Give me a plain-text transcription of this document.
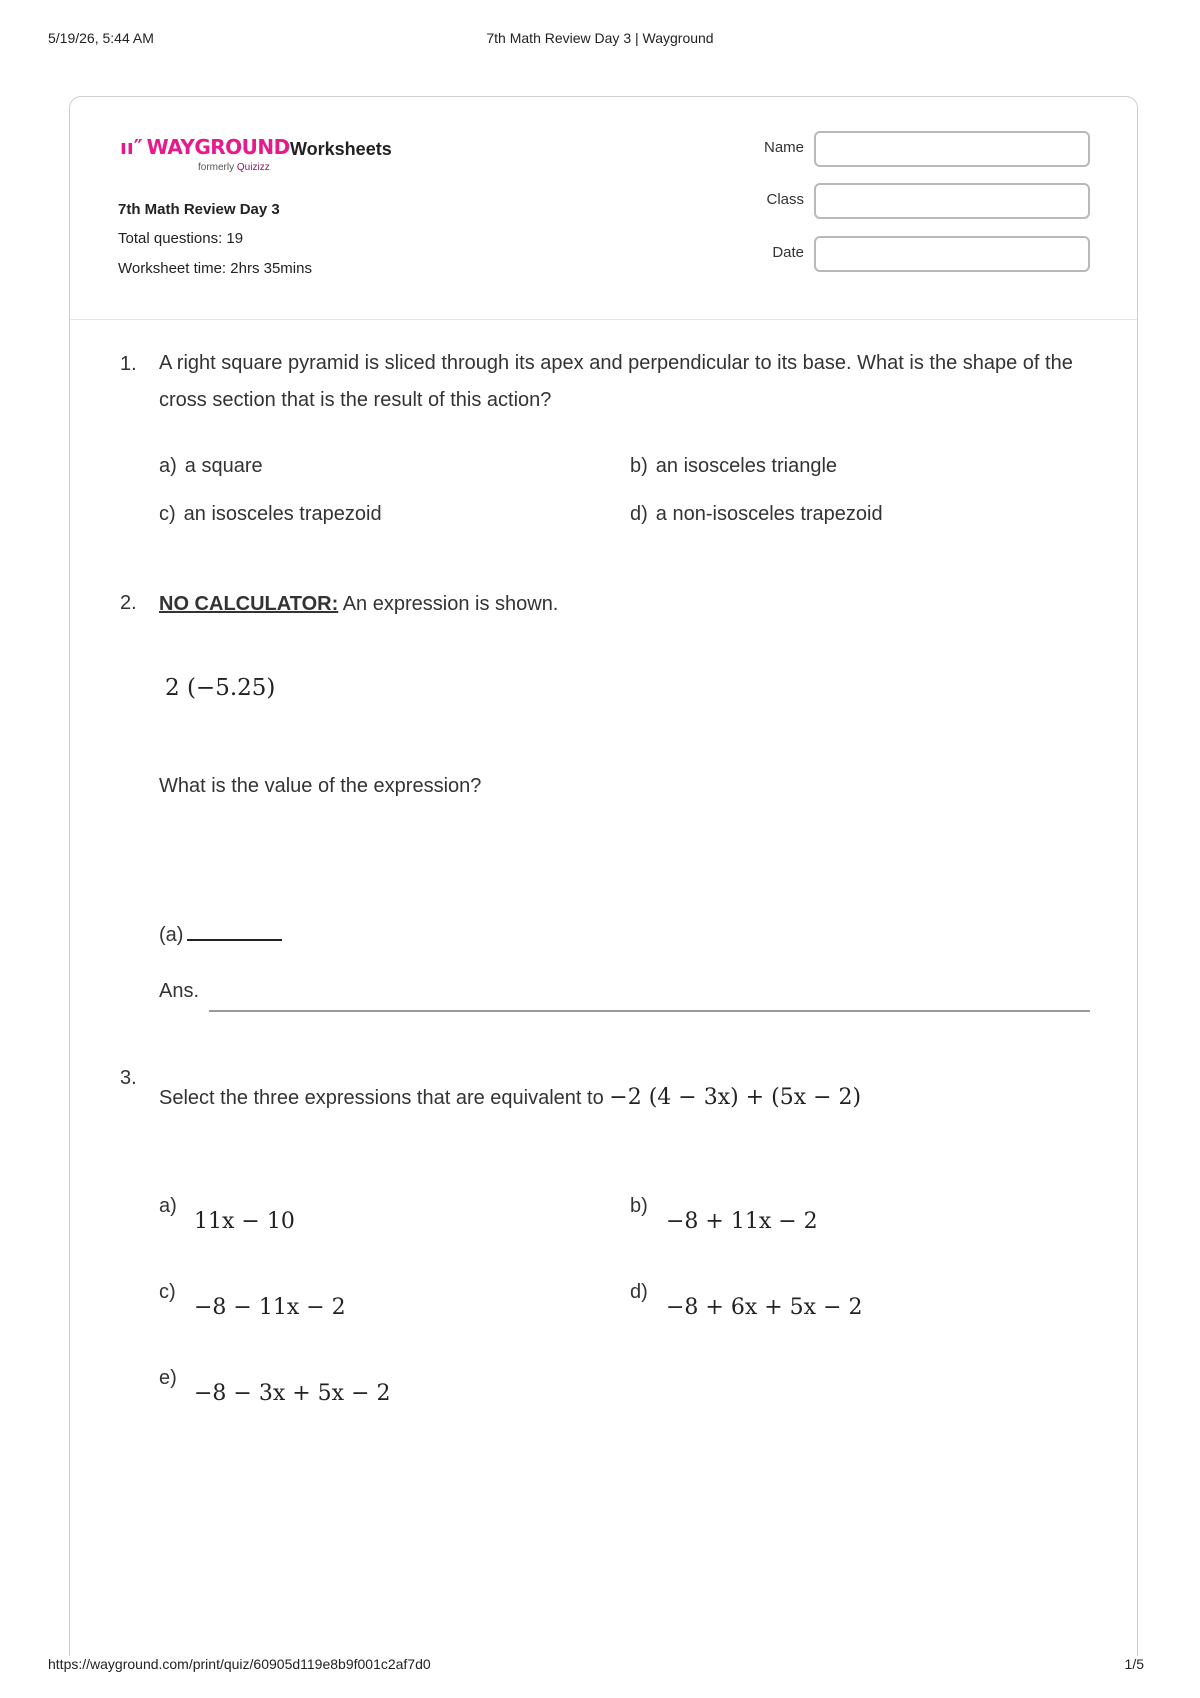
5/19/26, 5:44 AM	7th Math Review Day 3 | Wayground
ıı″ WAYGROUND
formerly Quizizz
Worksheets
7th Math Review Day 3
Total questions: 19
Worksheet time: 2hrs 35mins
Name
Class
Date
1. A right square pyramid is sliced through its apex and perpendicular to its base. What is the shape of the cross section that is the result of this action?
a) a square	b) an isosceles triangle
c) an isosceles trapezoid	d) a non-isosceles trapezoid
2. NO CALCULATOR: An expression is shown.
2 (−5.25)
What is the value of the expression?
(a)
Ans.
3.
Select the three expressions that are equivalent to −2 (4 − 3x) + (5x − 2)
a)
11x − 10
b)
−8 + 11x − 2
c)
−8 − 11x − 2
d)
−8 + 6x + 5x − 2
e)
−8 − 3x + 5x − 2
https://wayground.com/print/quiz/60905d119e8b9f001c2af7d0	1/5
